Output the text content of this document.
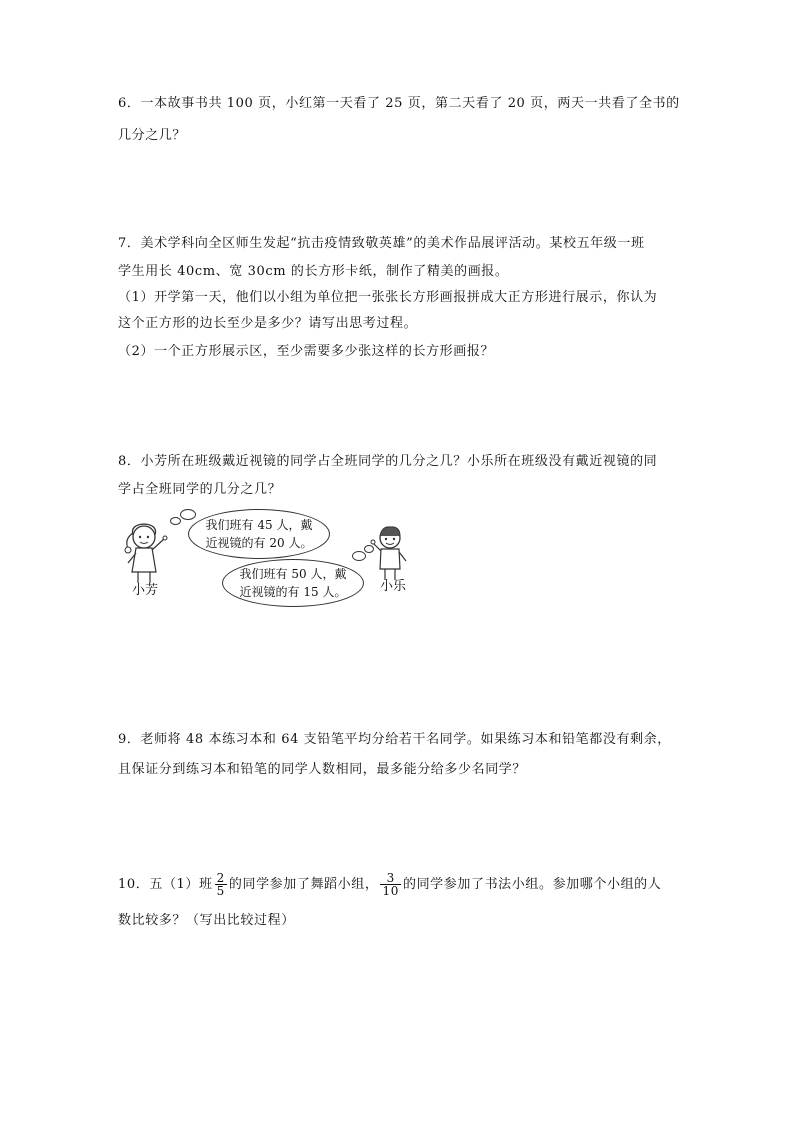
6．一本故事书共 100 页，小红第一天看了 25 页，第二天看了 20 页，两天一共看了全书的
几分之几？
7．美术学科向全区师生发起“抗击疫情致敬英雄”的美术作品展评活动。某校五年级一班
学生用长 40cm、宽 30cm 的长方形卡纸，制作了精美的画报。
（1）开学第一天，他们以小组为单位把一张张长方形画报拼成大正方形进行展示，你认为
这个正方形的边长至少是多少？请写出思考过程。
（2）一个正方形展示区，至少需要多少张这样的长方形画报？
8．小芳所在班级戴近视镜的同学占全班同学的几分之几？小乐所在班级没有戴近视镜的同
学占全班同学的几分之几？
小芳
我们班有 45 人，戴
近视镜的有 20 人。
我们班有 50 人，戴
近视镜的有 15 人。	小乐
9．老师将 48 本练习本和 64 支铅笔平均分给若干名同学。如果练习本和铅笔都没有剩余，
且保证分到练习本和铅笔的同学人数相同，最多能分给多少名同学？
10．五（1）班 $\frac{2}{5}$ 的同学参加了舞蹈小组， $\frac{3}{10}$ 的同学参加了书法小组。参加哪个小组的人
数比较多？（写出比较过程）
